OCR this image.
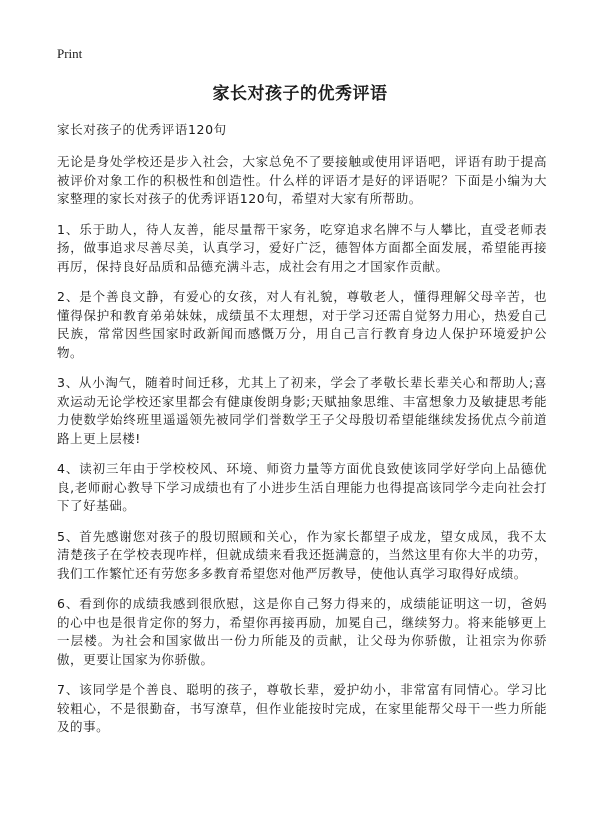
Print
家长对孩子的优秀评语

家长对孩子的优秀评语120句

无论是身处学校还是步入社会，大家总免不了要接触或使用评语吧，评语有助于提高被评价对象工作的积极性和创造性。什么样的评语才是好的评语呢？下面是小编为大家整理的家长对孩子的优秀评语120句，希望对大家有所帮助。

1、乐于助人，待人友善，能尽量帮干家务，吃穿追求名牌不与人攀比，直受老师表扬，做事追求尽善尽美，认真学习，爱好广泛，德智体方面都全面发展，希望能再接再厉，保持良好品质和品德充满斗志，成社会有用之才国家作贡献。

2、是个善良文静，有爱心的女孩，对人有礼貌，尊敬老人，懂得理解父母辛苦，也懂得保护和教育弟弟妹妹，成绩虽不太理想，对于学习还需自觉努力用心，热爱自己民族，常常因些国家时政新闻而感慨万分，用自己言行教育身边人保护环境爱护公物。

3、从小淘气，随着时间迁移，尤其上了初来，学会了孝敬长辈长辈关心和帮助人;喜欢运动无论学校还家里都会有健康俊朗身影;天赋抽象思维、丰富想象力及敏捷思考能力使数学始终班里遥遥领先被同学们誉数学王子父母殷切希望能继续发扬优点今前道路上更上层楼!

4、读初三年由于学校校风、环境、师资力量等方面优良致使该同学好学向上品德优良,老师耐心教导下学习成绩也有了小进步生活自理能力也得提高该同学今走向社会打下了好基础。

5、首先感谢您对孩子的殷切照顾和关心，作为家长都望子成龙，望女成凤，我不太清楚孩子在学校表现咋样，但就成绩来看我还挺满意的，当然这里有你大半的功劳，我们工作繁忙还有劳您多多教育希望您对他严厉教导，使他认真学习取得好成绩。

6、看到你的成绩我感到很欣慰，这是你自己努力得来的，成绩能证明这一切，爸妈的心中也是很肯定你的努力，希望你再接再励，加冕自己，继续努力。将来能够更上一层楼。为社会和国家做出一份力所能及的贡献，让父母为你骄傲，让祖宗为你骄傲，更要让国家为你骄傲。

7、该同学是个善良、聪明的孩子，尊敬长辈，爱护幼小，非常富有同情心。学习比较粗心，不是很勤奋，书写潦草，但作业能按时完成，在家里能帮父母干一些力所能及的事。
